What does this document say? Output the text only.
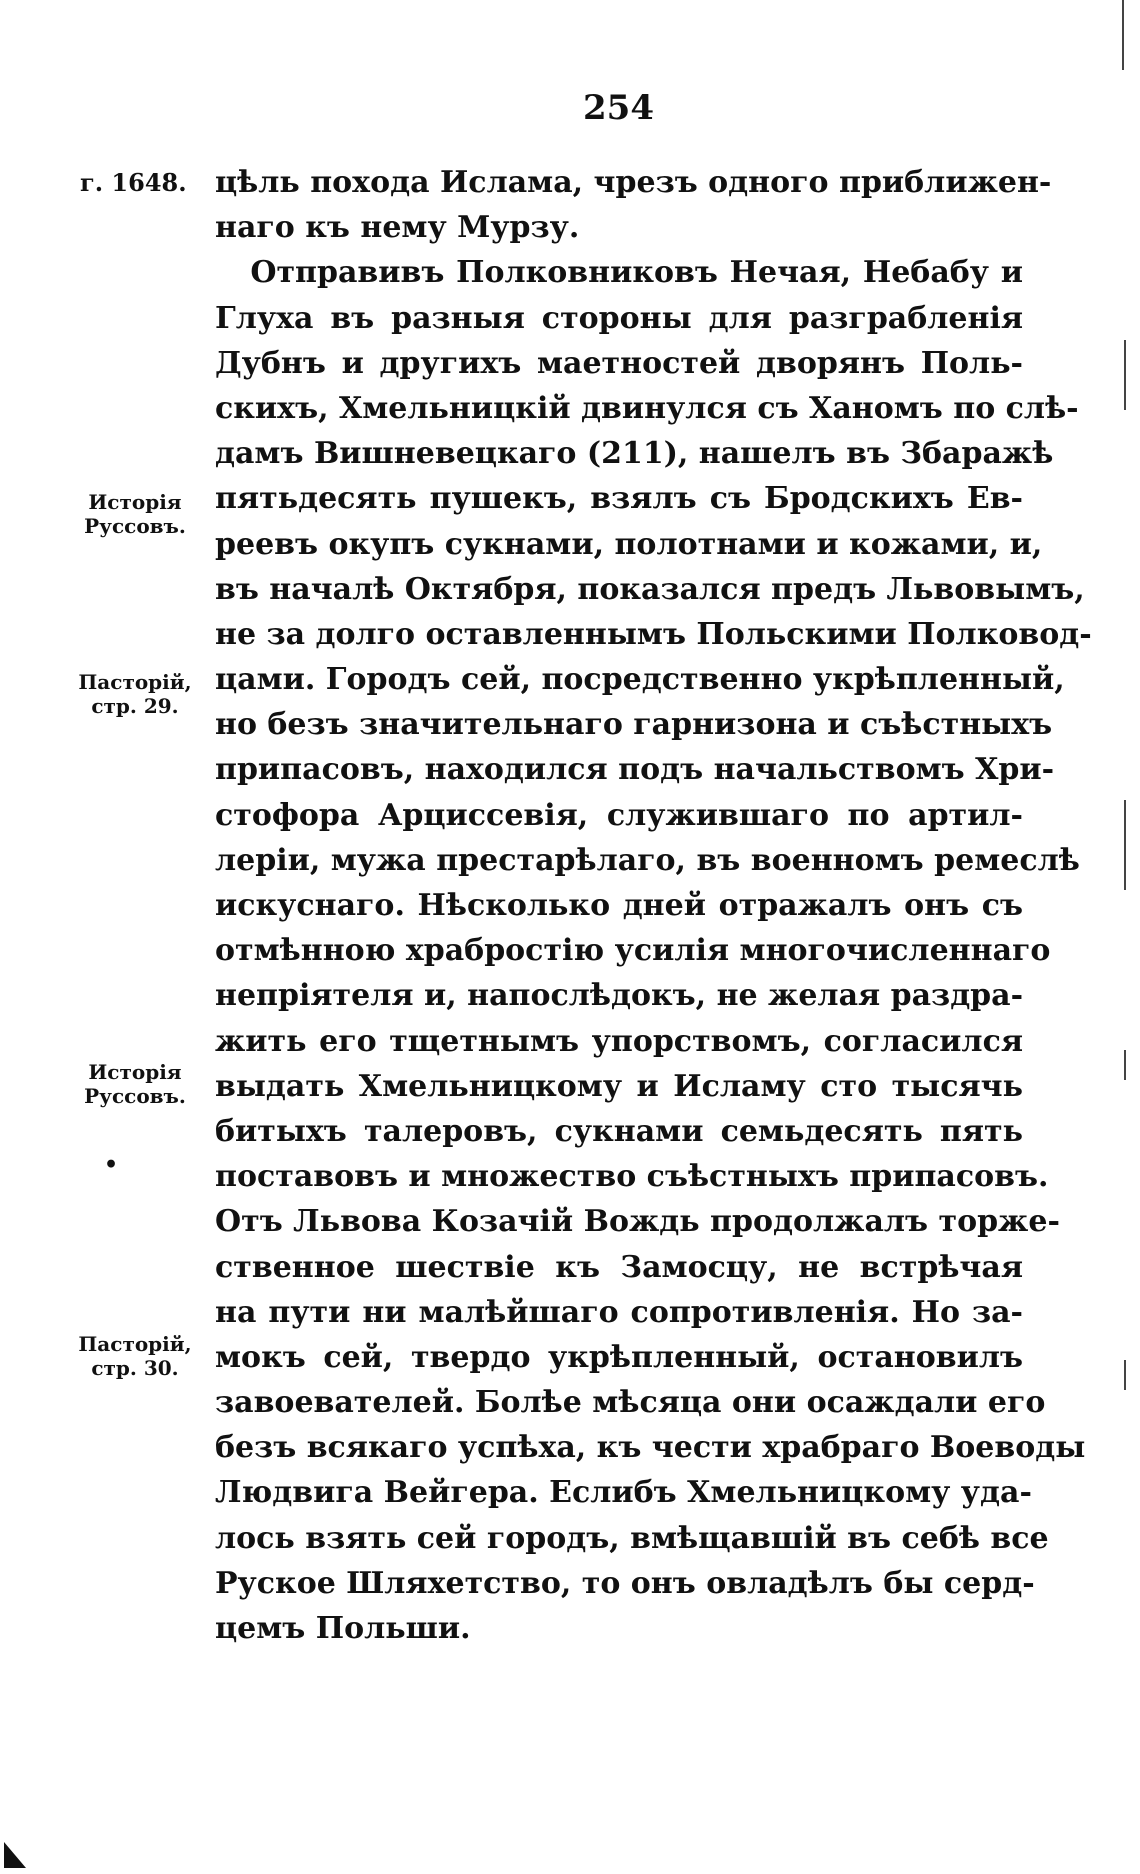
254
г. 1648.
Исторія Руссовъ.
Пасторій, стр. 29.
Исторія Руссовъ.
Пасторій, стр. 30.
•
цѣль похода Ислама, чрезъ одного приближен-
наго къ нему Мурзу.
Отправивъ Полковниковъ Нечая, Небабу и
Глуха въ разныя стороны для разграбленія
Дубнъ и другихъ маетностей дворянъ Поль-
скихъ, Хмельницкій двинулся съ Ханомъ по слѣ-
дамъ Вишневецкаго (211), нашелъ въ Збаражѣ
пятьдесять пушекъ, взялъ съ Бродскихъ Ев-
реевъ окупъ сукнами, полотнами и кожами, и,
въ началѣ Октября, показался предъ Львовымъ,
не за долго оставленнымъ Польскими Полковод-
цами. Городъ сей, посредственно укрѣпленный,
но безъ значительнаго гарнизона и съѣстныхъ
припасовъ, находился подъ начальствомъ Хри-
стофора Арциссевія, служившаго по артил-
леріи, мужа престарѣлаго, въ военномъ ремеслѣ
искуснаго. Нѣсколько дней отражалъ онъ съ
отмѣнною храбростію усилія многочисленнаго
непріятеля и, напослѣдокъ, не желая раздра-
жить его тщетнымъ упорствомъ, согласился
выдать Хмельницкому и Исламу сто тысячь
битыхъ талеровъ, сукнами семьдесять пять
поставовъ и множество съѣстныхъ припасовъ.
Отъ Львова Козачій Вождь продолжалъ торже-
ственное шествіе къ Замосцу, не встрѣчая
на пути ни малѣйшаго сопротивленія. Но за-
мокъ сей, твердо укрѣпленный, остановилъ
завоевателей. Болѣе мѣсяца они осаждали его
безъ всякаго успѣха, къ чести храбраго Воеводы
Людвига Вейгера. Еслибъ Хмельницкому уда-
лось взять сей городъ, вмѣщавшій въ себѣ все
Руское Шляхетство, то онъ овладѣлъ бы серд-
цемъ Польши.
